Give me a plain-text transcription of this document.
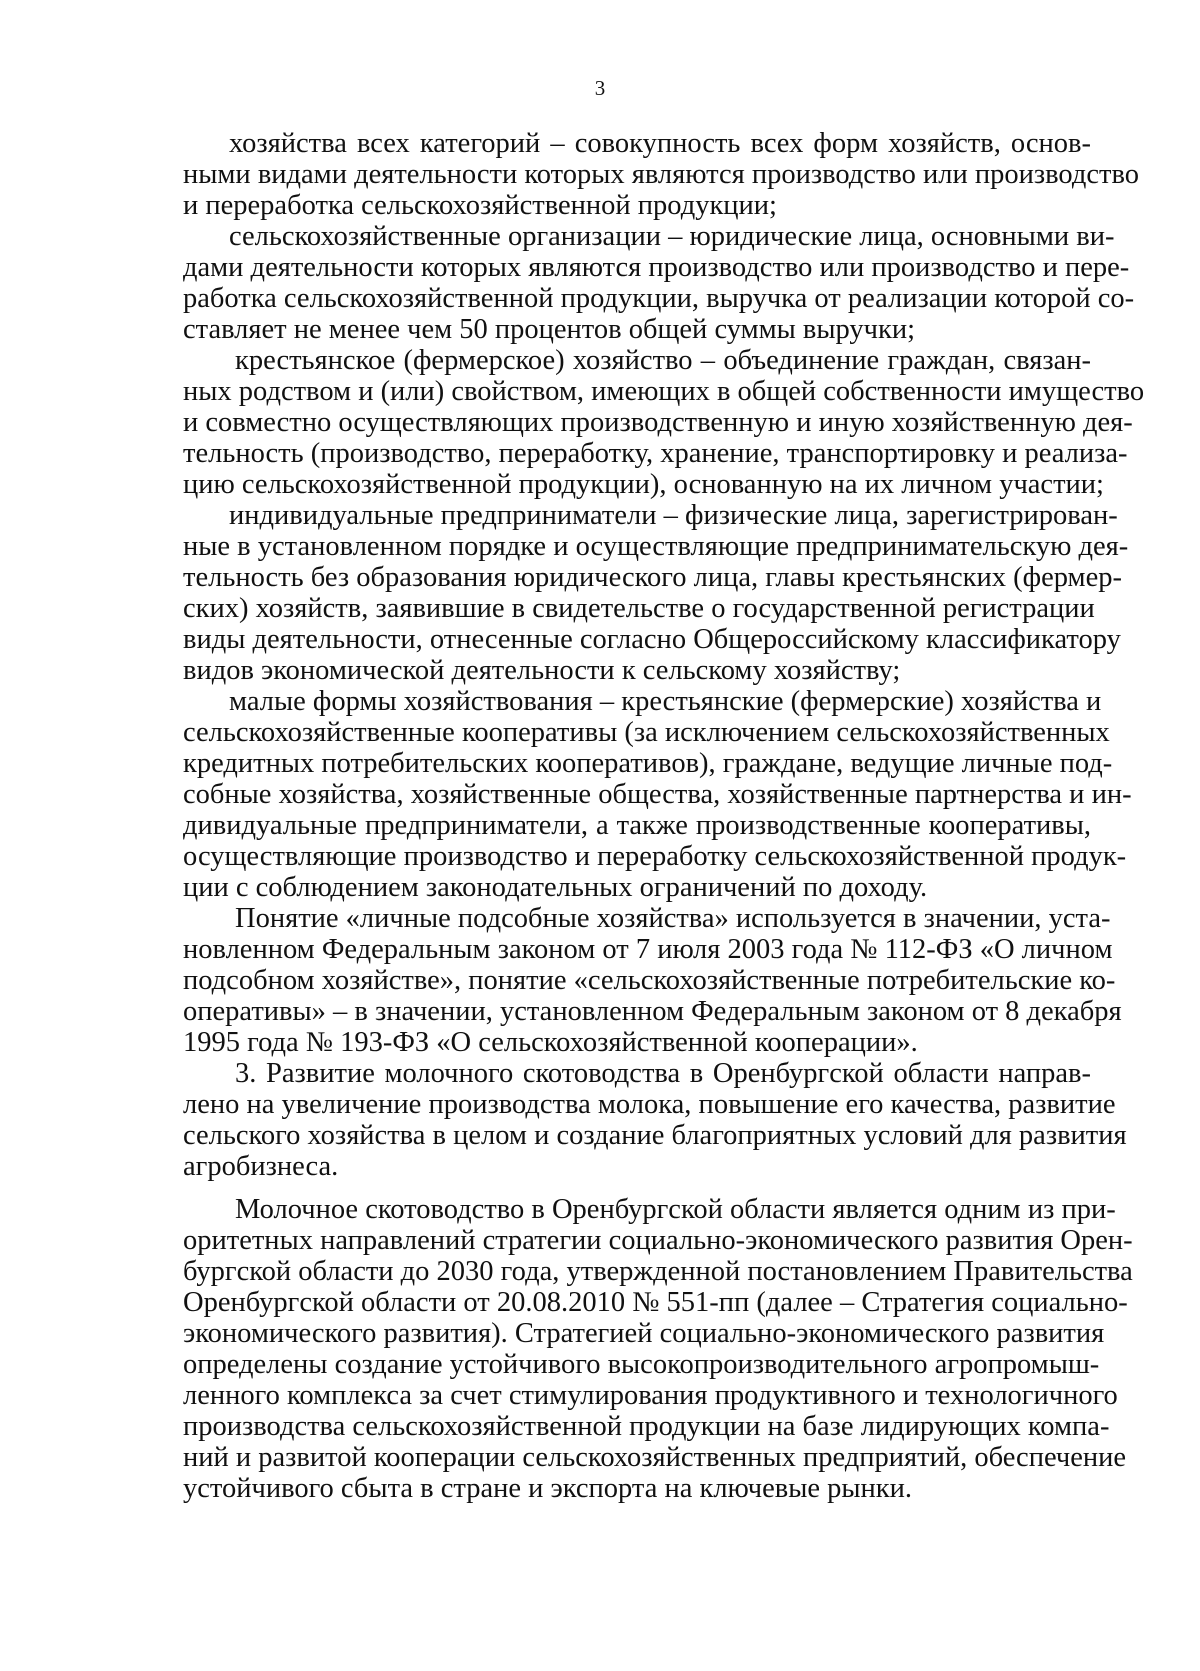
3

хозяйства всех категорий – совокупность всех форм хозяйств, основ-
ными видами деятельности которых являются производство или производство
и переработка сельскохозяйственной продукции;

сельскохозяйственные организации – юридические лица, основными ви-
дами деятельности которых являются производство или производство и пере-
работка сельскохозяйственной продукции, выручка от реализации которой со-
ставляет не менее чем 50 процентов общей суммы выручки;

крестьянское (фермерское) хозяйство – объединение граждан, связан-
ных родством и (или) свойством, имеющих в общей собственности имущество
и совместно осуществляющих производственную и иную хозяйственную дея-
тельность (производство, переработку, хранение, транспортировку и реализа-
цию сельскохозяйственной продукции), основанную на их личном участии;

индивидуальные предприниматели – физические лица, зарегистрирован-
ные в установленном порядке и осуществляющие предпринимательскую дея-
тельность без образования юридического лица, главы крестьянских (фермер-
ских) хозяйств, заявившие в свидетельстве о государственной регистрации
виды деятельности, отнесенные согласно Общероссийскому классификатору
видов экономической деятельности к сельскому хозяйству;

малые формы хозяйствования – крестьянские (фермерские) хозяйства и
сельскохозяйственные кооперативы (за исключением сельскохозяйственных
кредитных потребительских кооперативов), граждане, ведущие личные под-
собные хозяйства, хозяйственные общества, хозяйственные партнерства и ин-
дивидуальные предприниматели, а также производственные кооперативы,
осуществляющие производство и переработку сельскохозяйственной продук-
ции с соблюдением законодательных ограничений по доходу.

Понятие «личные подсобные хозяйства» используется в значении, уста-
новленном Федеральным законом от 7 июля 2003 года № 112-ФЗ «О личном
подсобном хозяйстве», понятие «сельскохозяйственные потребительские ко-
оперативы» – в значении, установленном Федеральным законом от 8 декабря
1995 года № 193-ФЗ «О сельскохозяйственной кооперации».

3. Развитие молочного скотоводства в Оренбургской области направ-
лено на увеличение производства молока, повышение его качества, развитие
сельского хозяйства в целом и создание благоприятных условий для развития
агробизнеса.

Молочное скотоводство в Оренбургской области является одним из при-
оритетных направлений стратегии социально-экономического развития Орен-
бургской области до 2030 года, утвержденной постановлением Правительства
Оренбургской области от 20.08.2010 № 551-пп (далее – Стратегия социально-
экономического развития). Стратегией социально-экономического развития
определены создание устойчивого высокопроизводительного агропромыш-
ленного комплекса за счет стимулирования продуктивного и технологичного
производства сельскохозяйственной продукции на базе лидирующих компа-
ний и развитой кооперации сельскохозяйственных предприятий, обеспечение
устойчивого сбыта в стране и экспорта на ключевые рынки.
